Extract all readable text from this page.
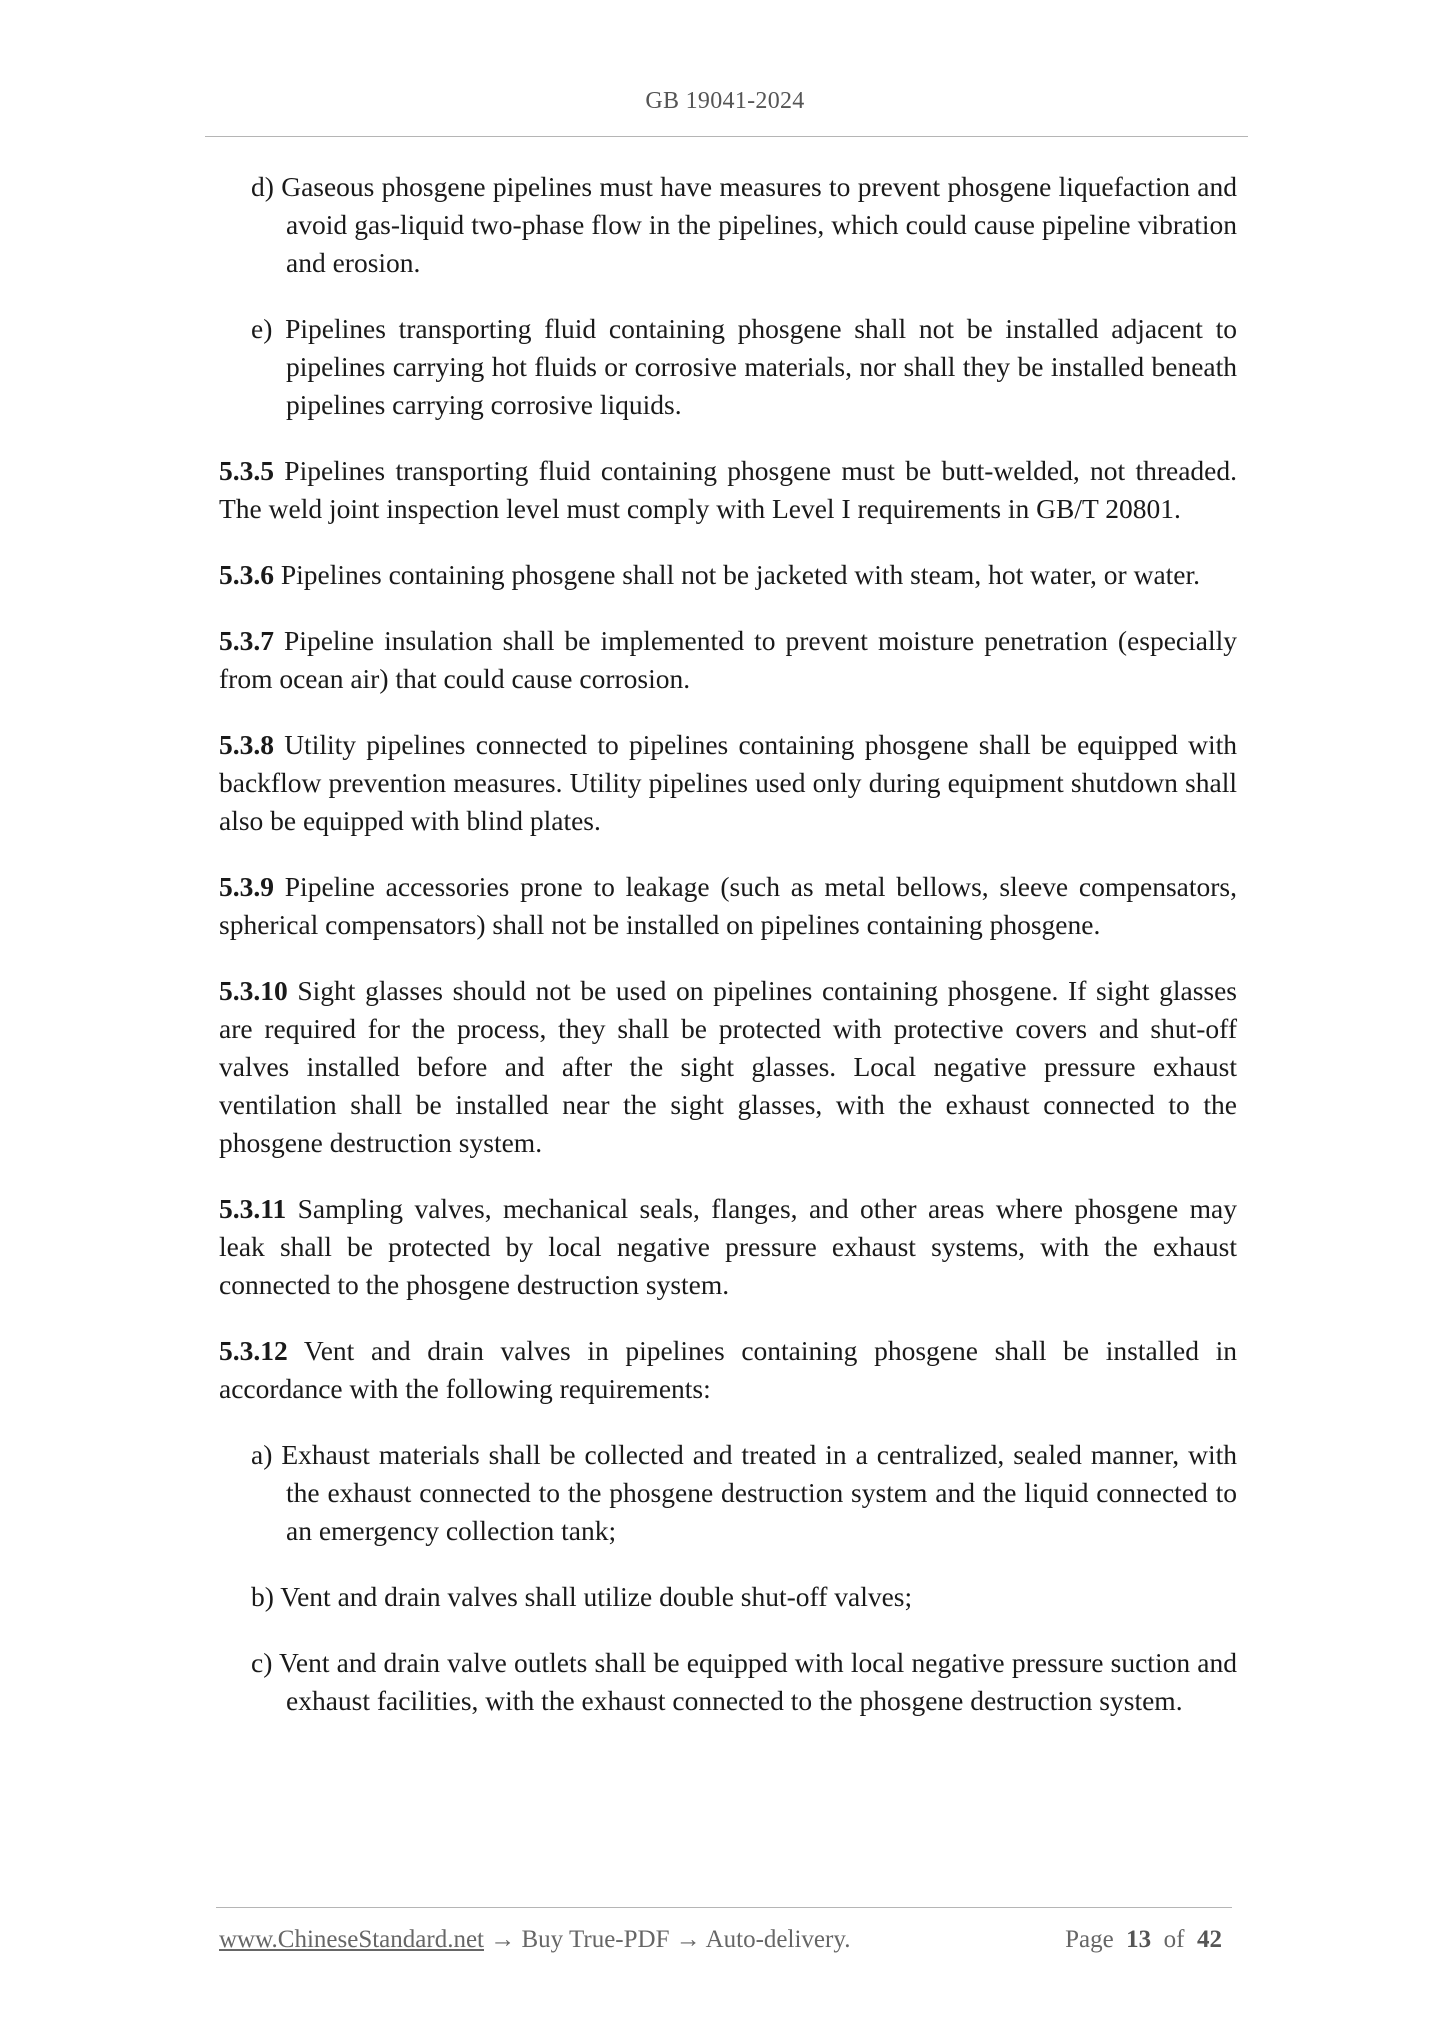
GB 19041-2024

d) Gaseous phosgene pipelines must have measures to prevent phosgene liquefaction and avoid gas-liquid two-phase flow in the pipelines, which could cause pipeline vibration and erosion.

e) Pipelines transporting fluid containing phosgene shall not be installed adjacent to pipelines carrying hot fluids or corrosive materials, nor shall they be installed beneath pipelines carrying corrosive liquids.

5.3.5 Pipelines transporting fluid containing phosgene must be butt-welded, not threaded. The weld joint inspection level must comply with Level I requirements in GB/T 20801.

5.3.6 Pipelines containing phosgene shall not be jacketed with steam, hot water, or water.

5.3.7 Pipeline insulation shall be implemented to prevent moisture penetration (especially from ocean air) that could cause corrosion.

5.3.8 Utility pipelines connected to pipelines containing phosgene shall be equipped with backflow prevention measures. Utility pipelines used only during equipment shutdown shall also be equipped with blind plates.

5.3.9 Pipeline accessories prone to leakage (such as metal bellows, sleeve compensators, spherical compensators) shall not be installed on pipelines containing phosgene.

5.3.10 Sight glasses should not be used on pipelines containing phosgene. If sight glasses are required for the process, they shall be protected with protective covers and shut-off valves installed before and after the sight glasses. Local negative pressure exhaust ventilation shall be installed near the sight glasses, with the exhaust connected to the phosgene destruction system.

5.3.11 Sampling valves, mechanical seals, flanges, and other areas where phosgene may leak shall be protected by local negative pressure exhaust systems, with the exhaust connected to the phosgene destruction system.

5.3.12 Vent and drain valves in pipelines containing phosgene shall be installed in accordance with the following requirements:

a) Exhaust materials shall be collected and treated in a centralized, sealed manner, with the exhaust connected to the phosgene destruction system and the liquid connected to an emergency collection tank;

b) Vent and drain valves shall utilize double shut-off valves;

c) Vent and drain valve outlets shall be equipped with local negative pressure suction and exhaust facilities, with the exhaust connected to the phosgene destruction system.

www.ChineseStandard.net → Buy True-PDF → Auto-delivery.	Page 13 of 42
